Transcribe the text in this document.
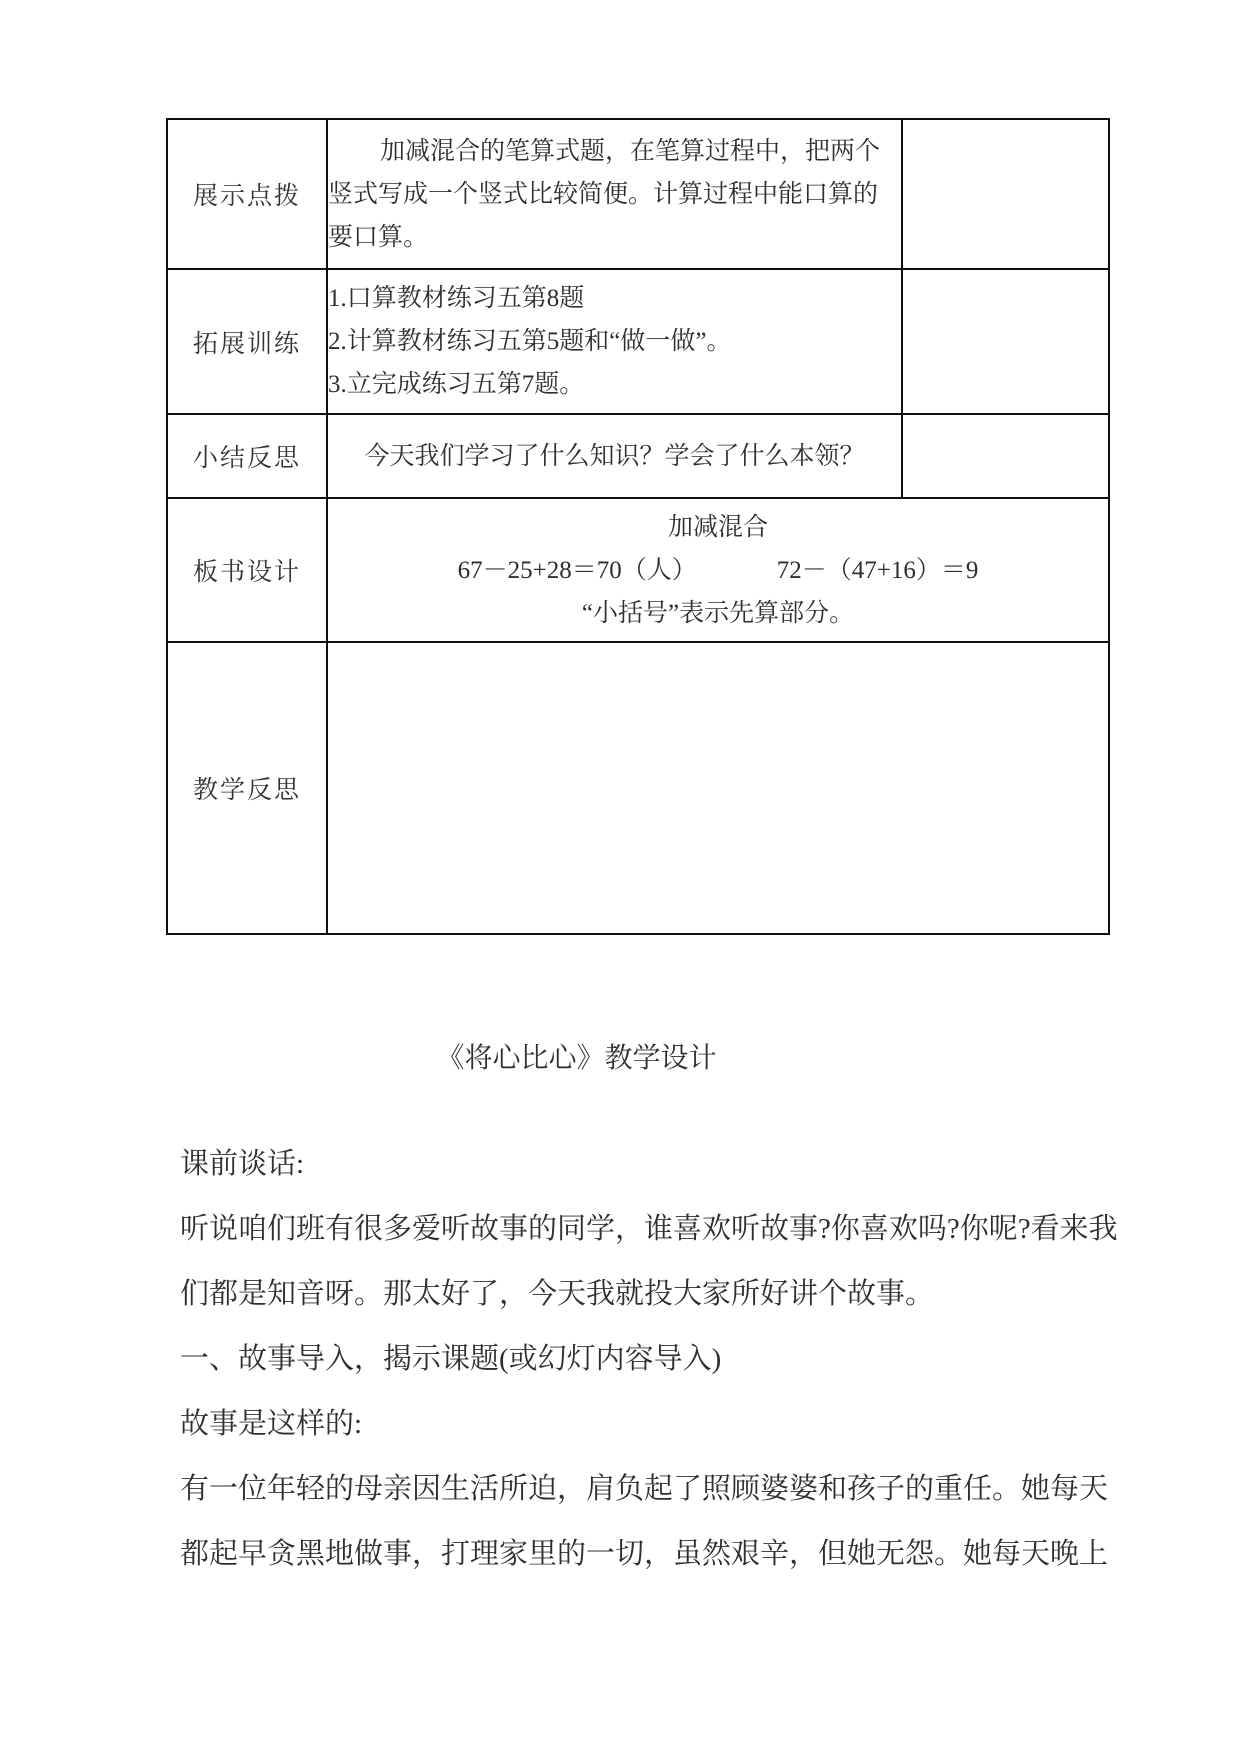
展示点拨	加减混合的笔算式题，在笔算过程中，把两个
竖式写成一个竖式比较简便。计算过程中能口算的
要口算。	

拓展训练	1.口算教材练习五第8题
2.计算教材练习五第5题和“做一做”。
3.立完成练习五第7题。	

小结反思	今天我们学习了什么知识？学会了什么本领？	

板书设计	加减混合
67－25+28＝70（人） 72－（47+16）＝9
“小括号”表示先算部分。	

教学反思		
《将心比心》教学设计
课前谈话:
听说咱们班有很多爱听故事的同学，谁喜欢听故事?你喜欢吗?你呢?看来我
们都是知音呀。那太好了，今天我就投大家所好讲个故事。
一、故事导入，揭示课题(或幻灯内容导入)
故事是这样的:
有一位年轻的母亲因生活所迫，肩负起了照顾婆婆和孩子的重任。她每天
都起早贪黑地做事，打理家里的一切，虽然艰辛，但她无怨。她每天晚上
